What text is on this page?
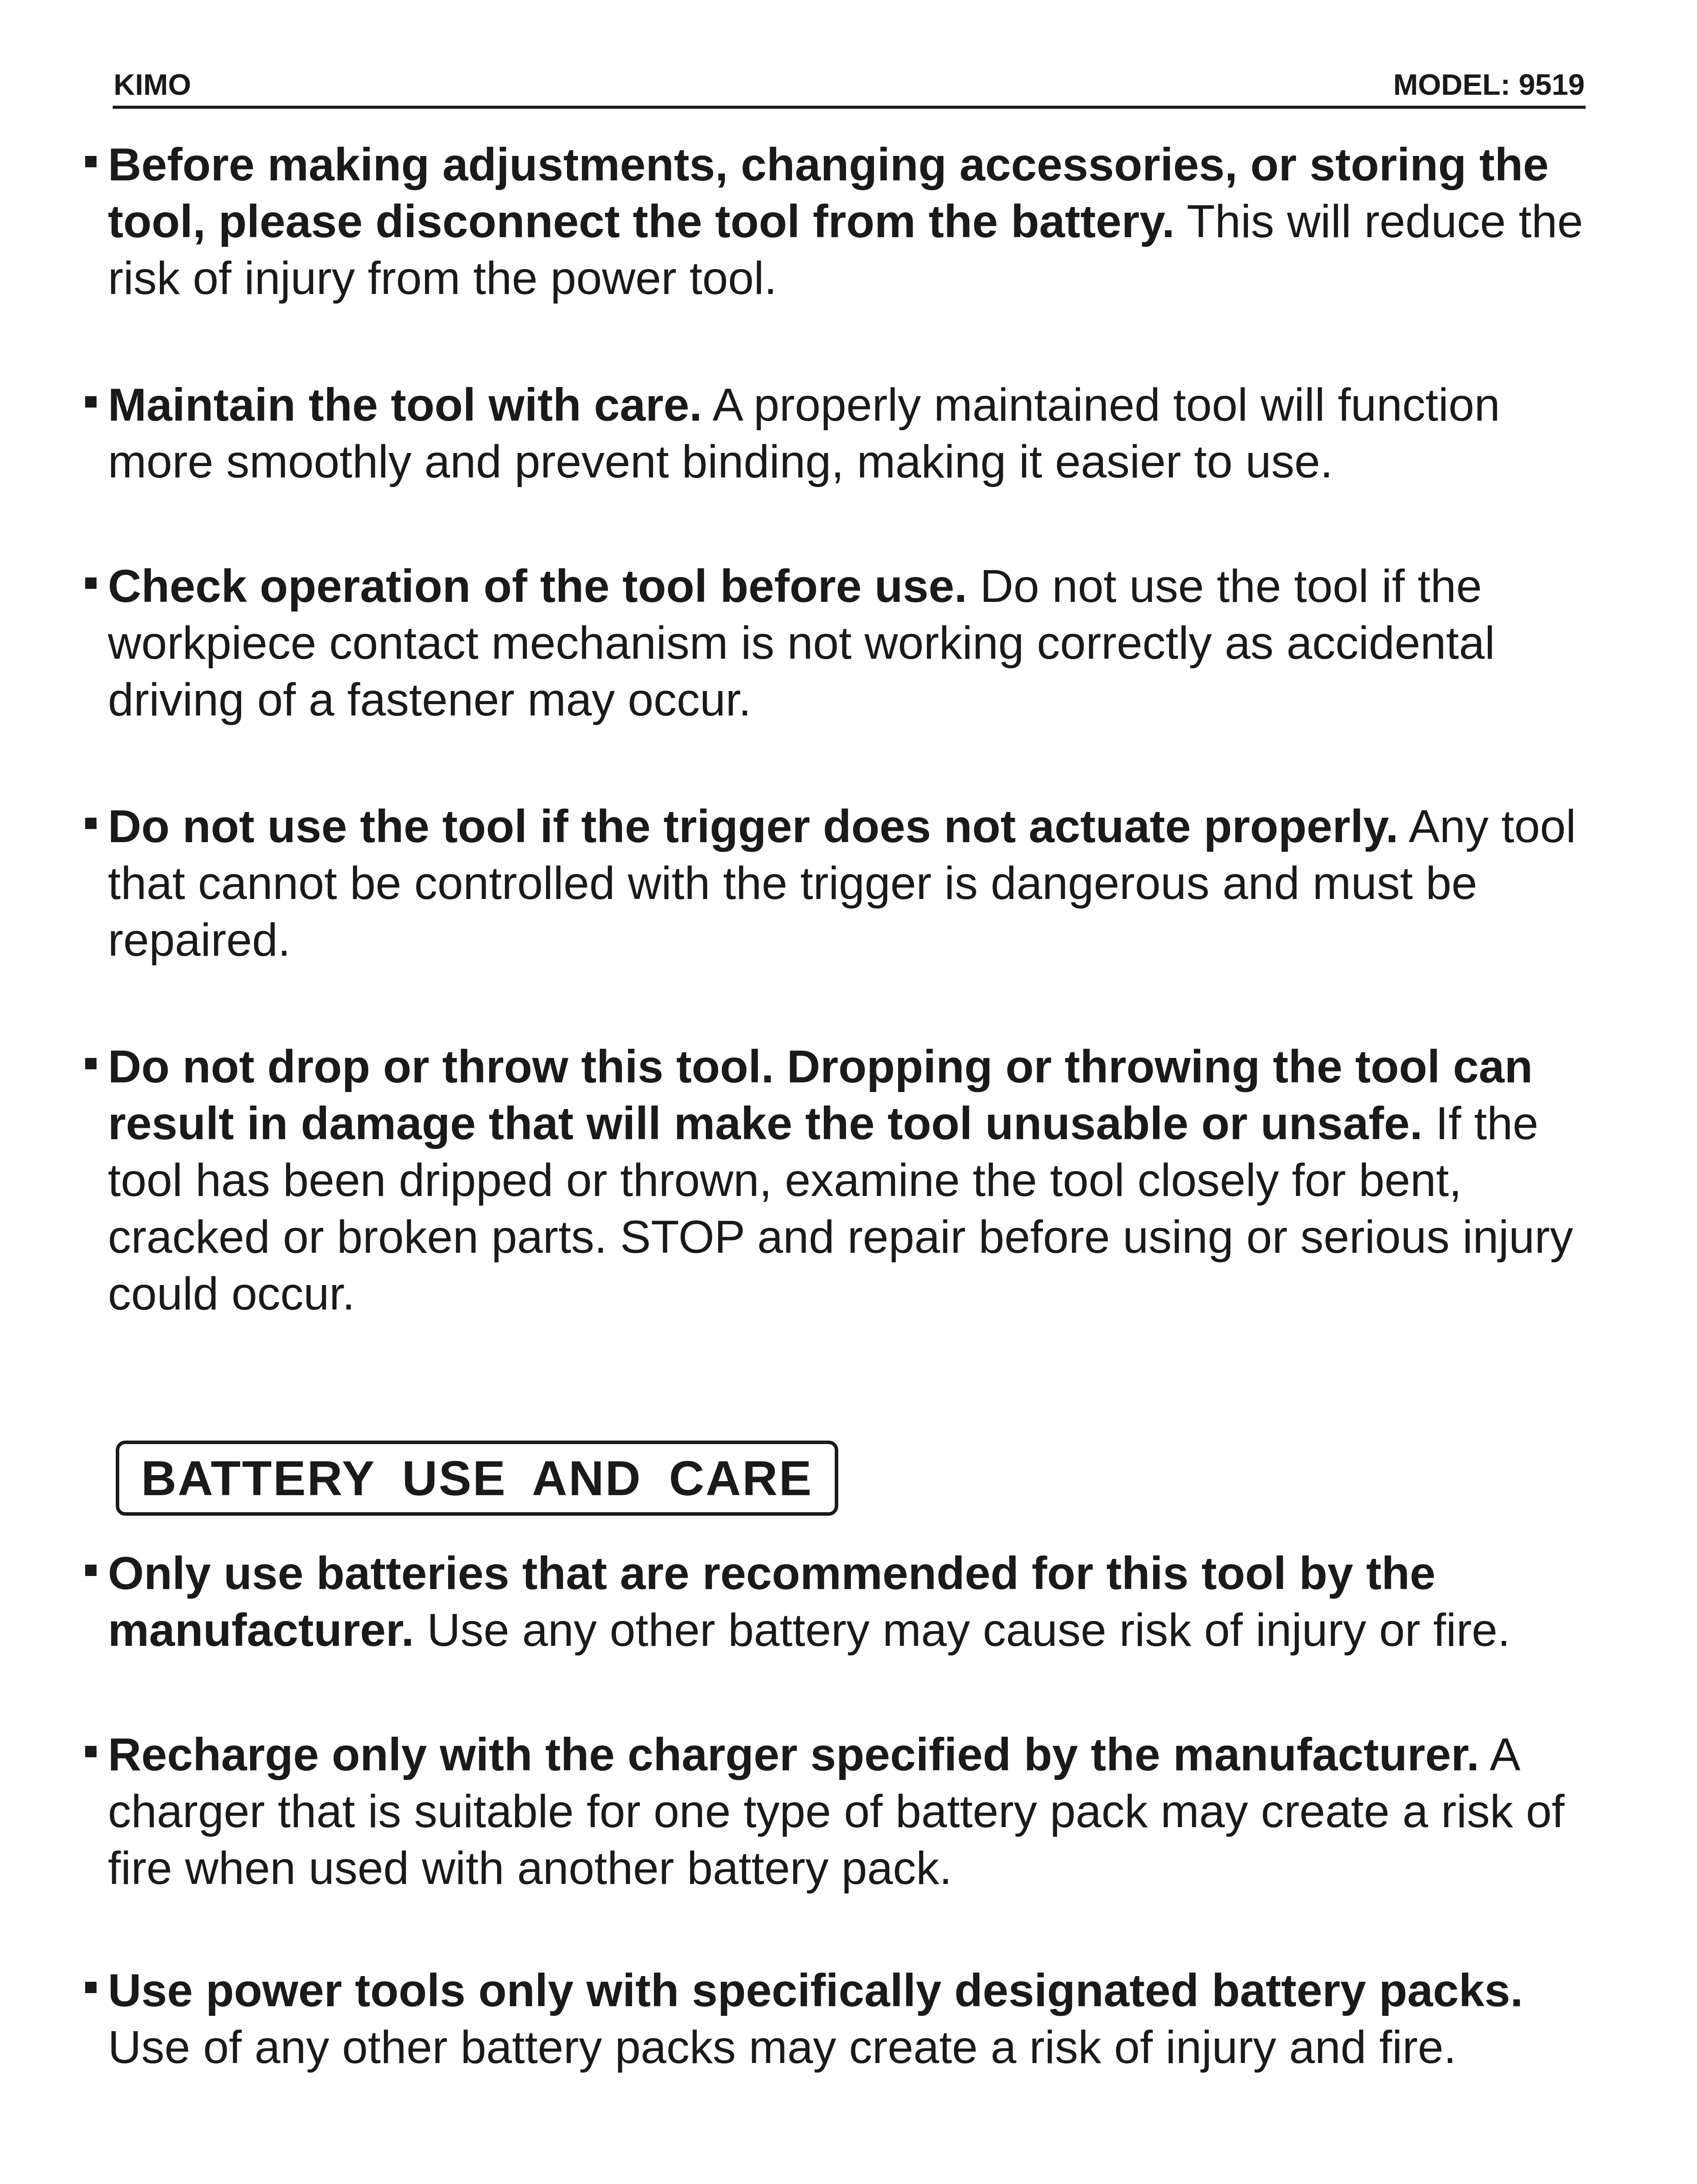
KIMO	MODEL: 9519
Before making adjustments, changing accessories, or storing the tool, please disconnect the tool from the battery. This will reduce the risk of injury from the power tool.
Maintain the tool with care. A properly maintained tool will function more smoothly and prevent binding, making it easier to use.
Check operation of the tool before use. Do not use the tool if the workpiece contact mechanism is not working correctly as accidental driving of a fastener may occur.
Do not use the tool if the trigger does not actuate properly. Any tool that cannot be controlled with the trigger is dangerous and must be repaired.
Do not drop or throw this tool. Dropping or throwing the tool can result in damage that will make the tool unusable or unsafe. If the tool has been dripped or thrown, examine the tool closely for bent, cracked or broken parts. STOP and repair before using or serious injury could occur.
BATTERY USE AND CARE
Only use batteries that are recommended for this tool by the manufacturer. Use any other battery may cause risk of injury or fire.
Recharge only with the charger specified by the manufacturer. A charger that is suitable for one type of battery pack may create a risk of fire when used with another battery pack.
Use power tools only with specifically designated battery packs. Use of any other battery packs may create a risk of injury and fire.
